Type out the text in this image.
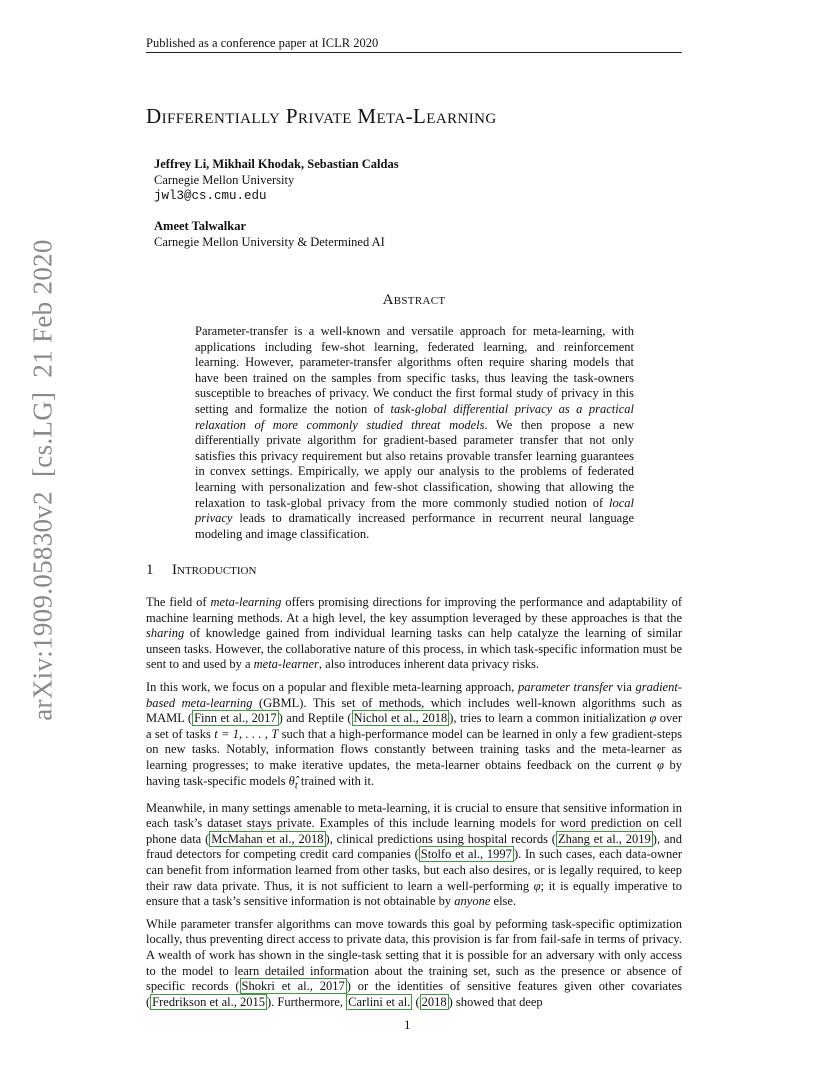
Published as a conference paper at ICLR 2020
arXiv:1909.05830v2  [cs.LG]  21 Feb 2020
Differentially Private Meta-Learning
Jeffrey Li, Mikhail Khodak, Sebastian Caldas
Carnegie Mellon University
jwl3@cs.cmu.edu
Ameet Talwalkar
Carnegie Mellon University & Determined AI
Abstract
Parameter-transfer is a well-known and versatile approach for meta-learning, with applications including few-shot learning, federated learning, and reinforcement learning. However, parameter-transfer algorithms often require sharing models that have been trained on the samples from specific tasks, thus leaving the task-owners susceptible to breaches of privacy. We conduct the first formal study of privacy in this setting and formalize the notion of task-global differential privacy as a practical relaxation of more commonly studied threat models. We then propose a new differentially private algorithm for gradient-based parameter transfer that not only satisfies this privacy requirement but also retains provable transfer learning guarantees in convex settings. Empirically, we apply our analysis to the problems of federated learning with personalization and few-shot classification, showing that allowing the relaxation to task-global privacy from the more commonly studied notion of local privacy leads to dramatically increased performance in recurrent neural language modeling and image classification.
1 Introduction

The field of meta-learning offers promising directions for improving the performance and adaptability of machine learning methods. At a high level, the key assumption leveraged by these approaches is that the sharing of knowledge gained from individual learning tasks can help catalyze the learning of similar unseen tasks. However, the collaborative nature of this process, in which task-specific information must be sent to and used by a meta-learner, also introduces inherent data privacy risks.

In this work, we focus on a popular and flexible meta-learning approach, parameter transfer via gradient-based meta-learning (GBML). This set of methods, which includes well-known algorithms such as MAML ( Finn et al., 2017 ) and Reptile ( Nichol et al., 2018 ), tries to learn a common initialization φ over a set of tasks t = 1, . . . , T such that a high-performance model can be learned in only a few gradient-steps on new tasks. Notably, information flows constantly between training tasks and the meta-learner as learning progresses; to make iterative updates, the meta-learner obtains feedback on the current φ by having task-specific models $\thetâ_t$ trained with it.

Meanwhile, in many settings amenable to meta-learning, it is crucial to ensure that sensitive information in each task’s dataset stays private. Examples of this include learning models for word prediction on cell phone data ( McMahan et al., 2018 ), clinical predictions using hospital records ( Zhang et al., 2019 ), and fraud detectors for competing credit card companies ( Stolfo et al., 1997 ). In such cases, each data-owner can benefit from information learned from other tasks, but each also desires, or is legally required, to keep their raw data private. Thus, it is not sufficient to learn a well-performing φ; it is equally imperative to ensure that a task’s sensitive information is not obtainable by anyone else.

While parameter transfer algorithms can move towards this goal by peforming task-specific optimization locally, thus preventing direct access to private data, this provision is far from fail-safe in terms of privacy. A wealth of work has shown in the single-task setting that it is possible for an adversary with only access to the model to learn detailed information about the training set, such as the presence or absence of specific records ( Shokri et al., 2017 ) or the identities of sensitive features given other covariates ( Fredrikson et al., 2015 ). Furthermore, Carlini et al. ( 2018 ) showed that deep

1
